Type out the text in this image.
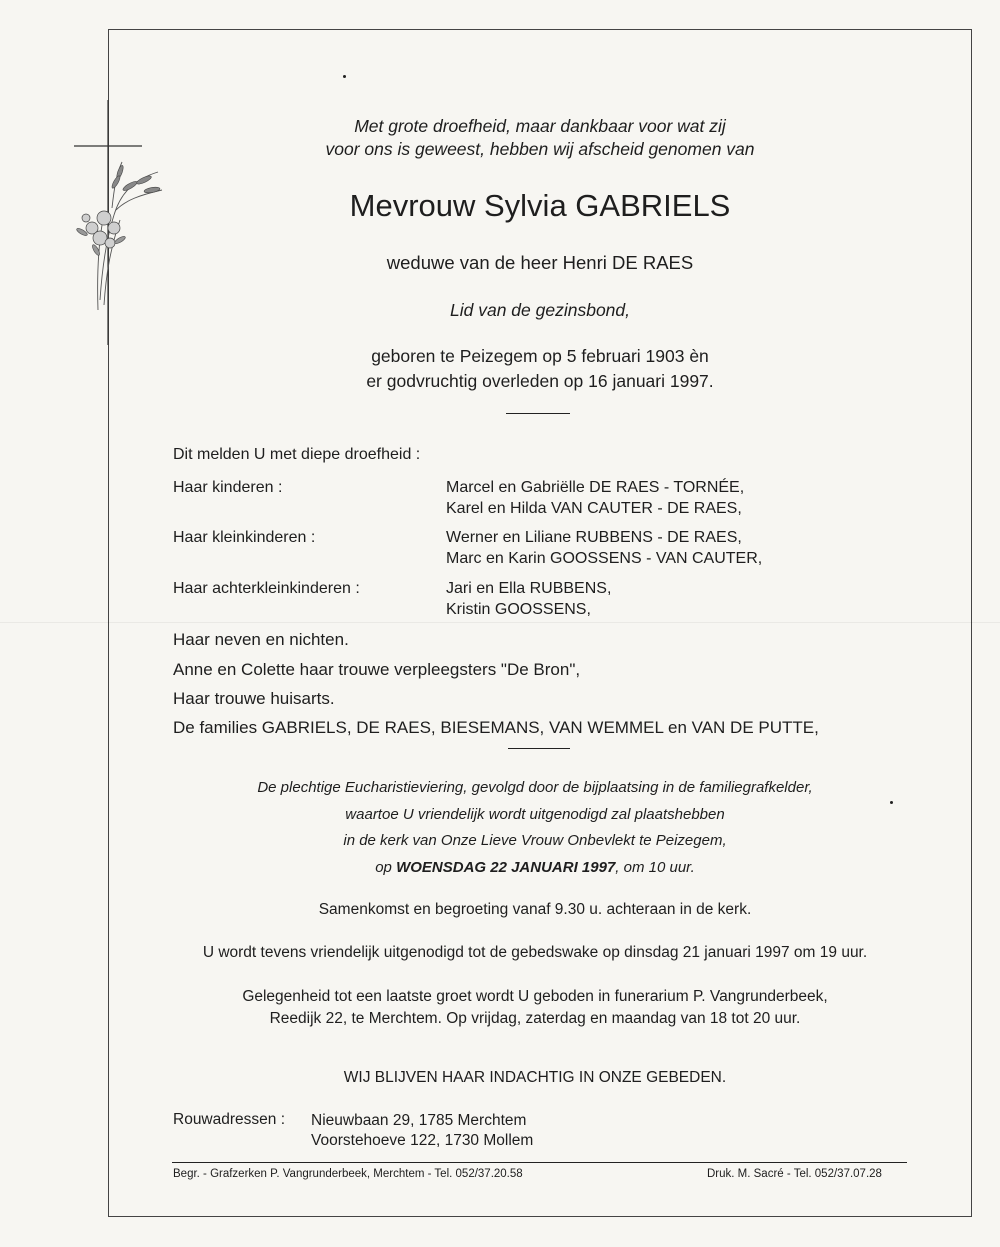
Met grote droefheid, maar dankbaar voor wat zij
voor ons is geweest, hebben wij afscheid genomen van
Mevrouw Sylvia GABRIELS
weduwe van de heer Henri DE RAES
Lid van de gezinsbond,
geboren te Peizegem op 5 februari 1903 èn
er godvruchtig overleden op 16 januari 1997.
Dit melden U met diepe droefheid :
Haar kinderen :	Marcel en Gabriëlle DE RAES - TORNÉE,
Karel en Hilda VAN CAUTER - DE RAES,
Haar kleinkinderen :	Werner en Liliane RUBBENS - DE RAES,
Marc en Karin GOOSSENS - VAN CAUTER,
Haar achterkleinkinderen :	Jari en Ella RUBBENS,
Kristin GOOSSENS,
Haar neven en nichten.
Anne en Colette haar trouwe verpleegsters "De Bron",
Haar trouwe huisarts.
De families GABRIELS, DE RAES, BIESEMANS, VAN WEMMEL en VAN DE PUTTE,
De plechtige Eucharistieviering, gevolgd door de bijplaatsing in de familiegrafkelder,
waartoe U vriendelijk wordt uitgenodigd zal plaatshebben
in de kerk van Onze Lieve Vrouw Onbevlekt te Peizegem,
op WOENSDAG 22 JANUARI 1997, om 10 uur.
Samenkomst en begroeting vanaf 9.30 u. achteraan in de kerk.
U wordt tevens vriendelijk uitgenodigd tot de gebedswake op dinsdag 21 januari 1997 om 19 uur.
Gelegenheid tot een laatste groet wordt U geboden in funerarium P. Vangrunderbeek,
Reedijk 22, te Merchtem. Op vrijdag, zaterdag en maandag van 18 tot 20 uur.
WIJ BLIJVEN HAAR INDACHTIG IN ONZE GEBEDEN.
Rouwadressen : Nieuwbaan 29, 1785 Merchtem
Voorstehoeve 122, 1730 Mollem
Begr. - Grafzerken P. Vangrunderbeek, Merchtem - Tel. 052/37.20.58	Druk. M. Sacré - Tel. 052/37.07.28
